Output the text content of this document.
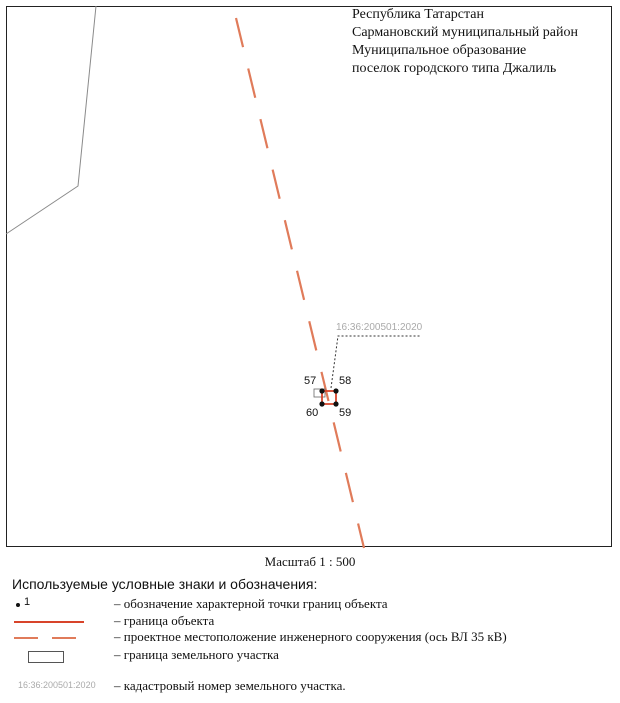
16:36:200501:2020
57 58
60 59
Республика Татарстан
Сармановский муниципальный район
Муниципальное образование
поселок городского типа Джалиль
Масштаб 1 : 500
Используемые условные знаки и обозначения:
1	– обозначение характерной точки границ объекта
– граница объекта
– проектное местоположение инженерного сооружения (ось ВЛ 35 кВ)
– граница земельного участка
16:36:200501:2020 – кадастровый номер земельного участка.
